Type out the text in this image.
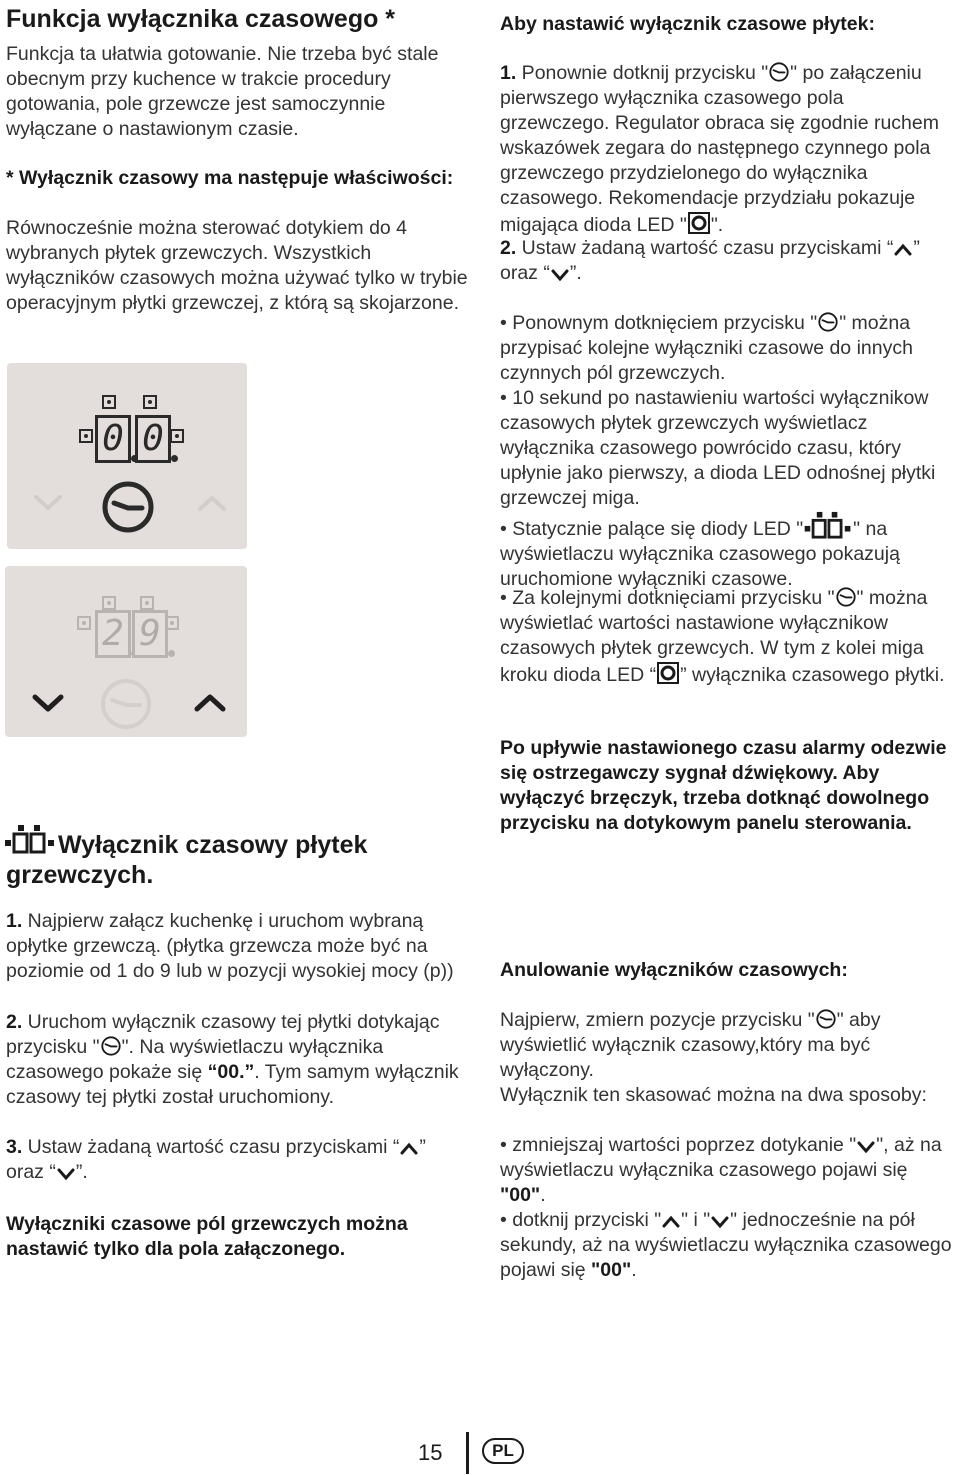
Funkcja wyłącznika czasowego *

Funkcja ta ułatwia gotowanie. Nie trzeba być stale obecnym przy kuchence w trakcie procedury gotowania, pole grzewcze jest samoczynnie wyłączane o nastawionym czasie.

* Wyłącznik czasowy ma następuje właściwości:

Równocześnie można sterować dotykiem do 4 wybranych płytek grzewczych. Wszystkich wyłączników czasowych można używać tylko w trybie operacyjnym płytki grzewczej, z którą są skojarzone.

0 0
2 9
Wyłącznik czasowy płytek grzewczych.

1. Najpierw załącz kuchenkę i uruchom wybraną opłytke grzewczą. (płytka grzewcza może być na poziomie od 1 do 9 lub w pozycji wysokiej mocy (p))

2. Uruchom wyłącznik czasowy tej płytki dotykając przycisku " ". Na wyświetlaczu wyłącznika czasowego pokaże się “00.”. Tym samym wyłącznik czasowy tej płytki został uruchomiony.

3. Ustaw żadaną wartość czasu przyciskami “ ” oraz “ ”.

Wyłączniki czasowe pól grzewczych można nastawić tylko dla pola załączonego.

Aby nastawić wyłącznik czasowe płytek:

1. Ponownie dotknij przycisku " " po załączeniu pierwszego wyłącznika czasowego pola grzewczego. Regulator obraca się zgodnie ruchem wskazówek zegara do następnego czynnego pola grzewczego przydzielonego do wyłącznika czasowego. Rekomendacje przydziału pokazuje migająca dioda LED " ".

2. Ustaw żadaną wartość czasu przyciskami “ ” oraz “ ”.

• Ponownym dotknięciem przycisku " " można przypisać kolejne wyłączniki czasowe do innych czynnych pól grzewczych.

• 10 sekund po nastawieniu wartości wyłącznikow czasowych płytek grzewczych wyświetlacz wyłącznika czasowego powrócido czasu, który upłynie jako pierwszy, a dioda LED odnośnej płytki grzewczej miga.

• Statycznie palące się diody LED "	" na wyświetlaczu wyłącznika czasowego pokazują uruchomione wyłączniki czasowe.

• Za kolejnymi dotknięciami przycisku " " można wyświetlać wartości nastawione wyłącznikow czasowych płytek grzewcych. W tym z kolei miga kroku dioda LED “ ” wyłącznika czasowego płytki.

Po upływie nastawionego czasu alarmy odezwie się ostrzegawczy sygnał dźwiękowy. Aby wyłączyć brzęczyk, trzeba dotknąć dowolnego przycisku na dotykowym panelu sterowania.

Anulowanie wyłączników czasowych:

Najpierw, zmiern pozycje przycisku " " aby wyświetlić wyłącznik czasowy,który ma być wyłączony.

Wyłącznik ten skasować można na dwa sposoby:

• zmniejszaj wartości poprzez dotykanie " ", aż na wyświetlaczu wyłącznika czasowego pojawi się "00".

• dotknij przyciski " " i " " jednocześnie na pół sekundy, aż na wyświetlaczu wyłącznika czasowego pojawi się "00".

15	PL
